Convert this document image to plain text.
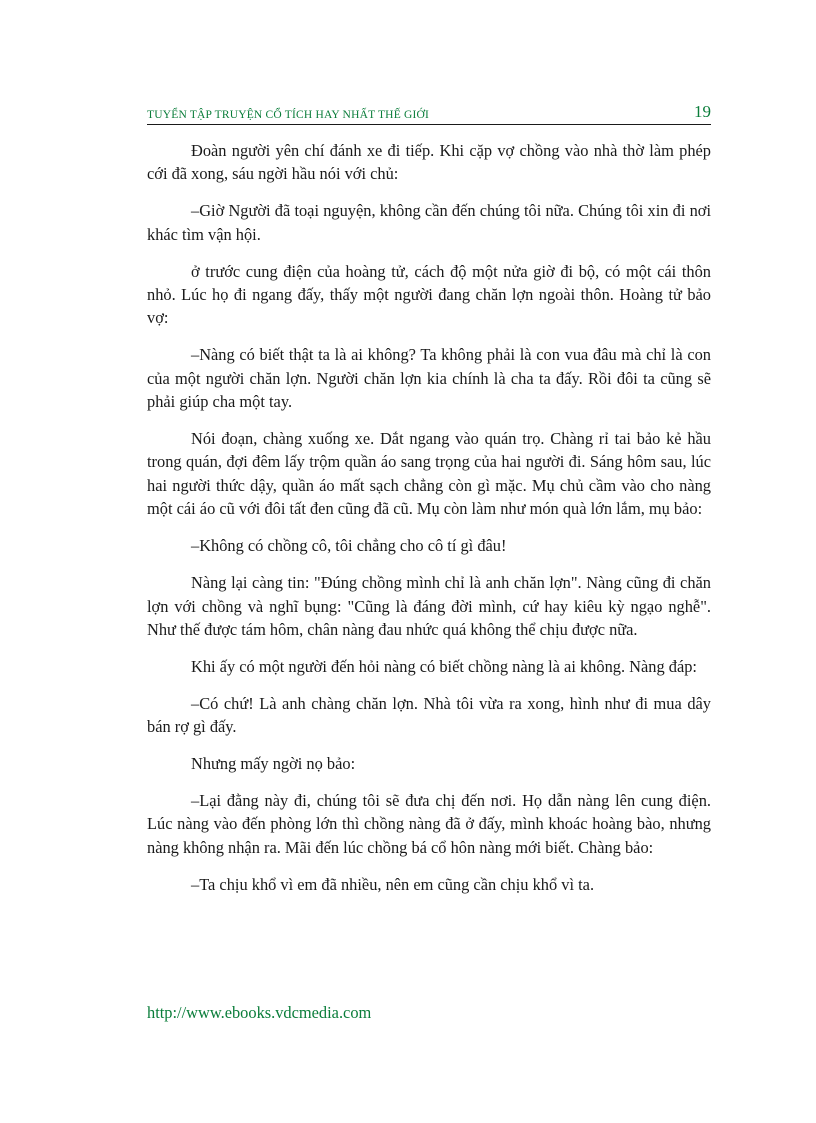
TUYỂN TẬP TRUYỆN CỔ TÍCH HAY NHẤT THẾ GIỚI	19

Đoàn người yên chí đánh xe đi tiếp. Khi cặp vợ chồng vào nhà thờ làm phép cới đã xong, sáu ngời hầu nói với chủ:

–Giờ Người đã toại nguyện, không cần đến chúng tôi nữa. Chúng tôi xin đi nơi khác tìm vận hội.

ở trước cung điện của hoàng tử, cách độ một nửa giờ đi bộ, có một cái thôn nhỏ. Lúc họ đi ngang đấy, thấy một người đang chăn lợn ngoài thôn. Hoàng tử bảo vợ:

–Nàng có biết thật ta là ai không? Ta không phải là con vua đâu mà chỉ là con của một người chăn lợn. Người chăn lợn kia chính là cha ta đấy. Rồi đôi ta cũng sẽ phải giúp cha một tay.

Nói đoạn, chàng xuống xe. Dắt ngang vào quán trọ. Chàng rỉ tai bảo kẻ hầu trong quán, đợi đêm lấy trộm quần áo sang trọng của hai người đi. Sáng hôm sau, lúc hai người thức dậy, quần áo mất sạch chẳng còn gì mặc. Mụ chủ cầm vào cho nàng một cái áo cũ với đôi tất đen cũng đã cũ. Mụ còn làm như món quà lớn lắm, mụ bảo:

–Không có chồng cô, tôi chẳng cho cô tí gì đâu!

Nàng lại càng tin: "Đúng chồng mình chỉ là anh chăn lợn". Nàng cũng đi chăn lợn với chồng và nghĩ bụng: "Cũng là đáng đời mình, cứ hay kiêu kỳ ngạo nghễ". Như thế được tám hôm, chân nàng đau nhức quá không thể chịu được nữa.

Khi ấy có một người đến hỏi nàng có biết chồng nàng là ai không. Nàng đáp:

–Có chứ! Là anh chàng chăn lợn. Nhà tôi vừa ra xong, hình như đi mua dây bán rợ gì đấy.

Nhưng mấy ngời nọ bảo:

–Lại đằng này đi, chúng tôi sẽ đưa chị đến nơi. Họ dẫn nàng lên cung điện. Lúc nàng vào đến phòng lớn thì chồng nàng đã ở đấy, mình khoác hoàng bào, nhưng nàng không nhận ra. Mãi đến lúc chồng bá cổ hôn nàng mới biết. Chàng bảo:

–Ta chịu khổ vì em đã nhiều, nên em cũng cần chịu khổ vì ta.

http://www.ebooks.vdcmedia.com
